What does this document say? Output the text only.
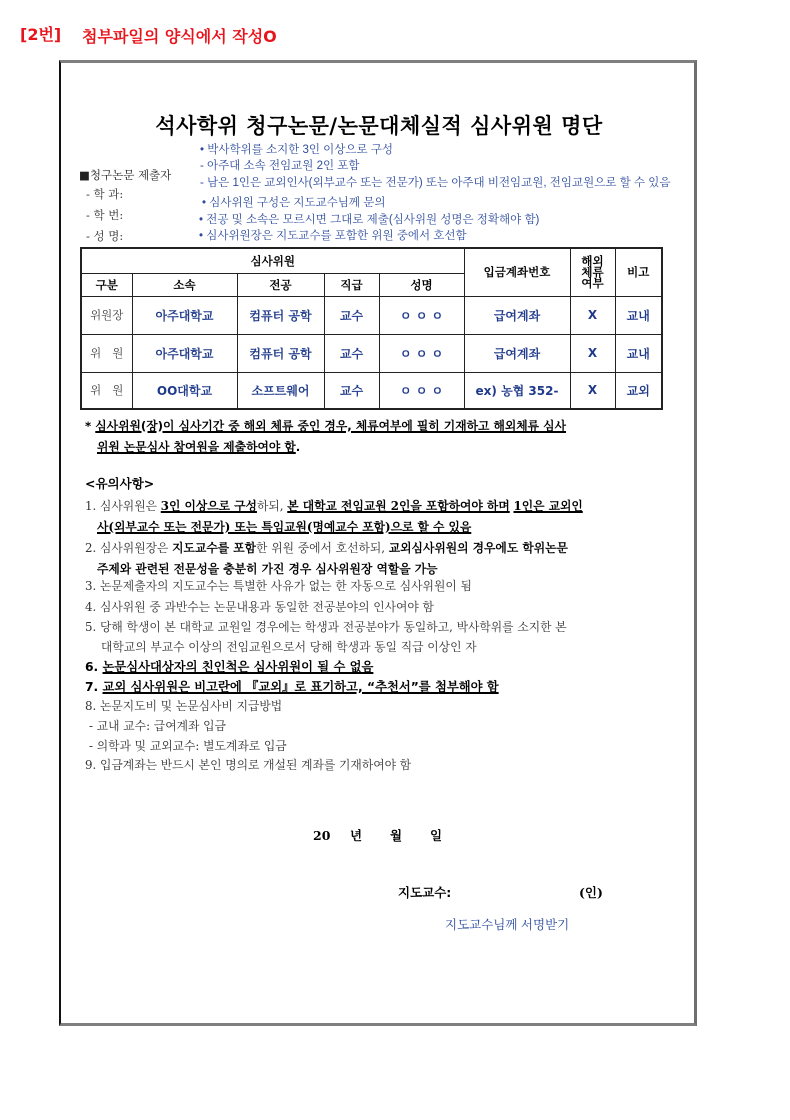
[2번] 첨부파일의 양식에서 작성O
석사학위 청구논문/논문대체실적 심사위원 명단
■청구논문 제출자
- 학 과:
- 학 번:
- 성 명:
• 박사학위를 소지한 3인 이상으로 구성
- 아주대 소속 전임교원 2인 포함
- 남은 1인은 교외인사(외부교수 또는 전문가) 또는 아주대 비전임교원, 전임교원으로 할 수 있음
• 심사위원 구성은 지도교수님께 문의
• 전공 및 소속은 모르시면 그대로 제출(심사위원 성명은 정확해야 함)
• 심사위원장은 지도교수를 포함한 위원 중에서 호선함
심사위원					입금계좌번호	해외
체류
여부	비고
구분	소속	전공	직급	성명			
위원장	아주대학교	컴퓨터 공학	교수	ㅇ ㅇ ㅇ	급여계좌	X	교내
위   원	아주대학교	컴퓨터 공학	교수	ㅇ ㅇ ㅇ	급여계좌	X	교내
위   원	OO대학교	소프트웨어	교수	ㅇ ㅇ ㅇ	ex) 농협 352-	X	교외
* 심사위원(장)이 심사기간 중 해외 체류 중인 경우, 체류여부에 필히 기재하고 해외체류 심사
위원 논문심사 참여원을 제출하여야 함.
<유의사항>
1. 심사위원은 3인 이상으로 구성하되, 본 대학교 전임교원 2인을 포함하여야 하며 1인은 교외인
사(외부교수 또는 전문가) 또는 특임교원(명예교수 포함)으로 할 수 있음
2. 심사위원장은 지도교수를 포함한 위원 중에서 호선하되, 교외심사위원의 경우에도 학위논문
주제와 관련된 전문성을 충분히 가진 경우 심사위원장 역할을 가능
3. 논문제출자의 지도교수는 특별한 사유가 없는 한 자동으로 심사위원이 됨
4. 심사위원 중 과반수는 논문내용과 동일한 전공분야의 인사여야 함
5. 당해 학생이 본 대학교 교원일 경우에는 학생과 전공분야가 동일하고, 박사학위를 소지한 본
대학교의 부교수 이상의 전임교원으로서 당해 학생과 동일 직급 이상인 자
6. 논문심사대상자의 친인척은 심사위원이 될 수 없음
7. 교외 심사위원은 비고란에 『교외』로 표기하고, “추천서”를 첨부해야 함
8. 논문지도비 및 논문심사비 지급방법
- 교내 교수: 급여계좌 입금
- 의학과 및 교외교수: 별도계좌로 입금
9. 입금계좌는 반드시 본인 명의로 개설된 계좌를 기재하여야 함
20 년 월 일
지도교수:	(인)
지도교수님께 서명받기
